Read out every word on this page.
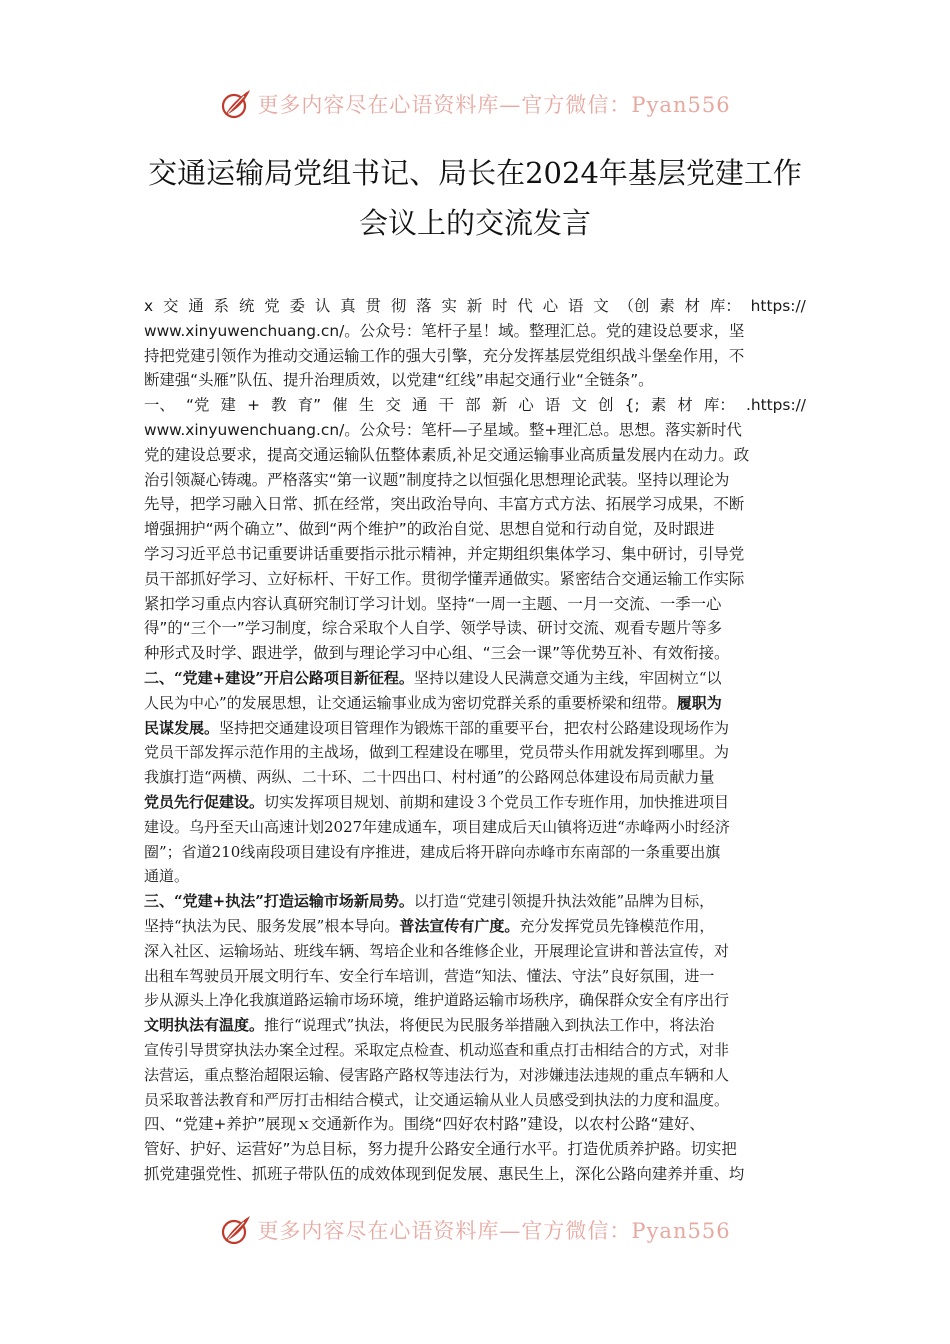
更多内容尽在心语资料库—官方微信：Pyan556
交通运输局党组书记、局长在2024年基层党建工作
会议上的交流发言
x 交 通 系 统 党 委 认 真 贯 彻 落 实 新 时 代 心 语 文 （创 素 材 库： https://
www.xinyuwenchuang.cn/。公众号：笔杆子星！域。整理汇总。党的建设总要求，坚
持把党建引领作为推动交通运输工作的强大引擎，充分发挥基层党组织战斗堡垒作用，不
断建强“头雁”队伍、提升治理质效，以党建“红线”串起交通行业“全链条”。
一、 “党 建 + 教 育” 催 生 交 通 干 部 新 心 语 文 创 {; 素 材 库： .https://
www.xinyuwenchuang.cn/。公众号：笔杆—子星域。整+理汇总。思想。落实新时代
党的建设总要求，提高交通运输队伍整体素质,补足交通运输事业高质量发展内在动力。政
治引领凝心铸魂。严格落实“第一议题”制度持之以恒强化思想理论武装。坚持以理论为
先导，把学习融入日常、抓在经常，突出政治导向、丰富方式方法、拓展学习成果，不断
增强拥护“两个确立”、做到“两个维护”的政治自觉、思想自觉和行动自觉，及时跟进
学习习近平总书记重要讲话重要指示批示精神，并定期组织集体学习、集中研讨，引导党
员干部抓好学习、立好标杆、干好工作。贯彻学懂弄通做实。紧密结合交通运输工作实际
紧扣学习重点内容认真研究制订学习计划。坚持“一周一主题、一月一交流、一季一心
得”的“三个一”学习制度，综合采取个人自学、领学导读、研讨交流、观看专题片等多
种形式及时学、跟进学，做到与理论学习中心组、“三会一课”等优势互补、有效衔接。
二、“党建+建设”开启公路项目新征程。 坚持以建设人民满意交通为主线，牢固树立“以
人民为中心”的发展思想，让交通运输事业成为密切党群关系的重要桥梁和纽带。 履职为
民谋发展。 坚持把交通建设项目管理作为锻炼干部的重要平台，把农村公路建设现场作为
党员干部发挥示范作用的主战场，做到工程建设在哪里，党员带头作用就发挥到哪里。为
我旗打造“两横、两纵、二十环、二十四出口、村村通”的公路网总体建设布局贡献力量
党员先行促建设。 切实发挥项目规划、前期和建设３个党员工作专班作用，加快推进项目
建设。乌丹至天山高速计划2027年建成通车，项目建成后天山镇将迈进“赤峰两小时经济
圈”；省道210线南段项目建设有序推进，建成后将开辟向赤峰市东南部的一条重要出旗
通道。
三、“党建+执法”打造运输市场新局势。 以打造“党建引领提升执法效能”品牌为目标，
坚持“执法为民、服务发展”根本导向。 普法宣传有广度。 充分发挥党员先锋模范作用，
深入社区、运输场站、班线车辆、驾培企业和各维修企业，开展理论宣讲和普法宣传，对
出租车驾驶员开展文明行车、安全行车培训，营造“知法、懂法、守法”良好氛围，进一
步从源头上净化我旗道路运输市场环境，维护道路运输市场秩序，确保群众安全有序出行
文明执法有温度。 推行“说理式”执法，将便民为民服务举措融入到执法工作中，将法治
宣传引导贯穿执法办案全过程。采取定点检查、机动巡查和重点打击相结合的方式，对非
法营运，重点整治超限运输、侵害路产路权等违法行为，对涉嫌违法违规的重点车辆和人
员采取普法教育和严厉打击相结合模式，让交通运输从业人员感受到执法的力度和温度。
四、“党建+养护”展现ｘ交通新作为。围绕“四好农村路”建设，以农村公路“建好、
管好、护好、运营好”为总目标，努力提升公路安全通行水平。打造优质养护路。切实把
抓党建强党性、抓班子带队伍的成效体现到促发展、惠民生上，深化公路向建养并重、均
更多内容尽在心语资料库—官方微信：Pyan556
